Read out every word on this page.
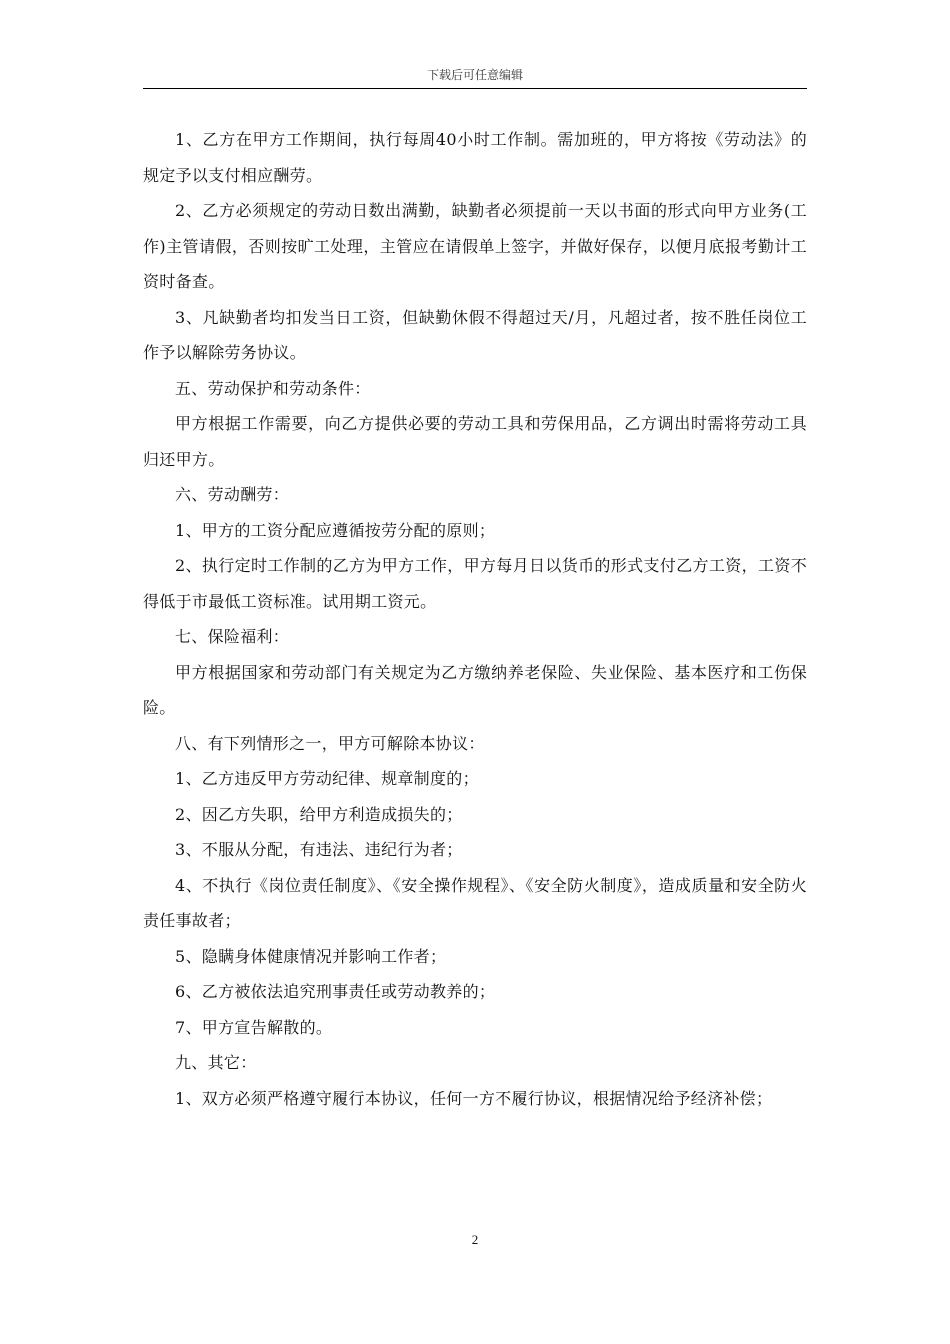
下载后可任意编辑

1、乙方在甲方工作期间，执行每周40小时工作制。需加班的，甲方将按《劳动法》的规定予以支付相应酬劳。

2、乙方必须规定的劳动日数出满勤，缺勤者必须提前一天以书面的形式向甲方业务(工作)主管请假，否则按旷工处理，主管应在请假单上签字，并做好保存，以便月底报考勤计工资时备查。

3、凡缺勤者均扣发当日工资，但缺勤休假不得超过天/月，凡超过者，按不胜任岗位工作予以解除劳务协议。

五、劳动保护和劳动条件：

甲方根据工作需要，向乙方提供必要的劳动工具和劳保用品，乙方调出时需将劳动工具归还甲方。

六、劳动酬劳：

1、甲方的工资分配应遵循按劳分配的原则；

2、执行定时工作制的乙方为甲方工作，甲方每月日以货币的形式支付乙方工资，工资不得低于市最低工资标准。试用期工资元。

七、保险福利：

甲方根据国家和劳动部门有关规定为乙方缴纳养老保险、失业保险、基本医疗和工伤保险。

八、有下列情形之一，甲方可解除本协议：

1、乙方违反甲方劳动纪律、规章制度的；

2、因乙方失职，给甲方利造成损失的；

3、不服从分配，有违法、违纪行为者；

4、不执行《岗位责任制度》、《安全操作规程》、《安全防火制度》，造成质量和安全防火责任事故者；

5、隐瞒身体健康情况并影响工作者；

6、乙方被依法追究刑事责任或劳动教养的；

7、甲方宣告解散的。

九、其它：

1、双方必须严格遵守履行本协议，任何一方不履行协议，根据情况给予经济补偿；

2
